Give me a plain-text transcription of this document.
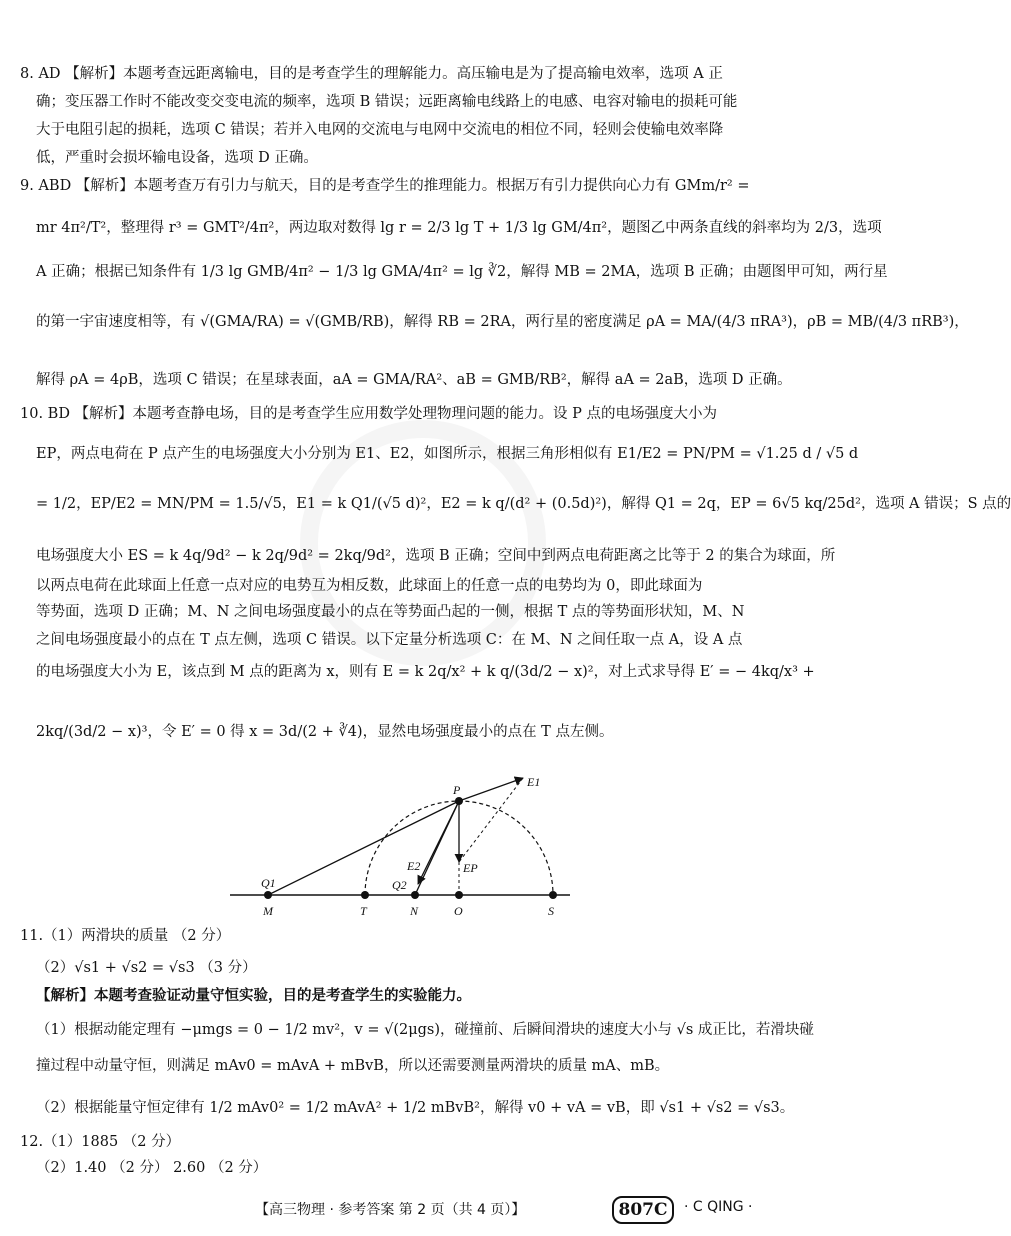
8. AD 【解析】本题考查远距离输电，目的是考查学生的理解能力。高压输电是为了提高输电效率，选项 A 正
确；变压器工作时不能改变交变电流的频率，选项 B 错误；远距离输电线路上的电感、电容对输电的损耗可能
大于电阻引起的损耗，选项 C 错误；若并入电网的交流电与电网中交流电的相位不同，轻则会使输电效率降
低，严重时会损坏输电设备，选项 D 正确。
9. ABD 【解析】本题考查万有引力与航天，目的是考查学生的推理能力。根据万有引力提供向心力有 GMm/r² =
mr 4π²/T²，整理得 r³ = GMT²/4π²，两边取对数得 lg r = 2/3 lg T + 1/3 lg GM/4π²，题图乙中两条直线的斜率均为 2/3，选项
A 正确；根据已知条件有 1/3 lg GMB/4π² − 1/3 lg GMA/4π² = lg ∛2，解得 MB = 2MA，选项 B 正确；由题图甲可知，两行星
的第一宇宙速度相等，有 √(GMA/RA) = √(GMB/RB)，解得 RB = 2RA，两行星的密度满足 ρA = MA/(4/3 πRA³)，ρB = MB/(4/3 πRB³)，
解得 ρA = 4ρB，选项 C 错误；在星球表面，aA = GMA/RA²、aB = GMB/RB²，解得 aA = 2aB，选项 D 正确。
10. BD 【解析】本题考查静电场，目的是考查学生应用数学处理物理问题的能力。设 P 点的电场强度大小为
EP，两点电荷在 P 点产生的电场强度大小分别为 E1、E2，如图所示，根据三角形相似有 E1/E2 = PN/PM = √1.25 d / √5 d
= 1/2，EP/E2 = MN/PM = 1.5/√5，E1 = k Q1/(√5 d)²，E2 = k q/(d² + (0.5d)²)，解得 Q1 = 2q，EP = 6√5 kq/25d²，选项 A 错误；S 点的
电场强度大小 ES = k 4q/9d² − k 2q/9d² = 2kq/9d²，选项 B 正确；空间中到两点电荷距离之比等于 2 的集合为球面，所
以两点电荷在此球面上任意一点对应的电势互为相反数，此球面上的任意一点的电势均为 0，即此球面为
等势面，选项 D 正确；M、N 之间电场强度最小的点在等势面凸起的一侧，根据 T 点的等势面形状知，M、N
之间电场强度最小的点在 T 点左侧，选项 C 错误。以下定量分析选项 C：在 M、N 之间任取一点 A，设 A 点
的电场强度大小为 E，该点到 M 点的距离为 x，则有 E = k 2q/x² + k q/(3d/2 − x)²，对上式求导得 E′ = − 4kq/x³ +
2kq/(3d/2 − x)³，令 E′ = 0 得 x = 3d/(2 + ∛4)，显然电场强度最小的点在 T 点左侧。
P
E1
E2	EP
Q1	Q2
M	T	N	O	S
11.（1）两滑块的质量 （2 分）
（2）√s1 + √s2 = √s3 （3 分）
【解析】本题考查验证动量守恒实验，目的是考查学生的实验能力。
（1）根据动能定理有 −μmgs = 0 − 1/2 mv²，v = √(2μgs)，碰撞前、后瞬间滑块的速度大小与 √s 成正比，若滑块碰
撞过程中动量守恒，则满足 mAv0 = mAvA + mBvB，所以还需要测量两滑块的质量 mA、mB。
（2）根据能量守恒定律有 1/2 mAv0² = 1/2 mAvA² + 1/2 mBvB²，解得 v0 + vA = vB，即 √s1 + √s2 = √s3。
12.（1）1885 （2 分）
（2）1.40 （2 分） 2.60 （2 分）
【高三物理 · 参考答案 第 2 页（共 4 页）】	807C	· C QING ·
